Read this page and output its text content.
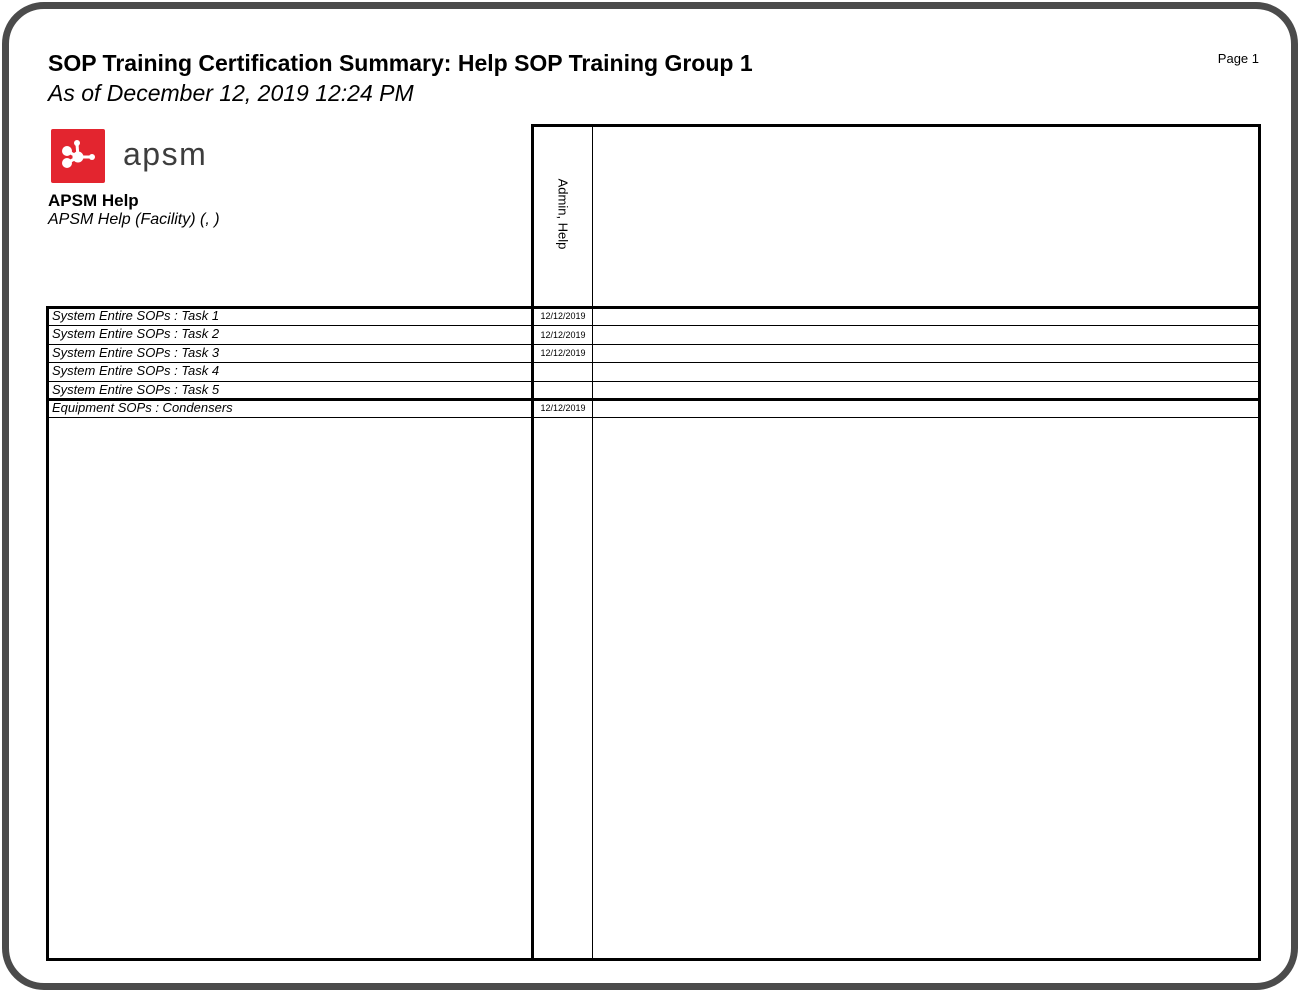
SOP Training Certification Summary: Help SOP Training Group 1
As of December 12, 2019 12:24 PM
Page 1
apsm
APSM Help
APSM Help (Facility) (, )	Admin, Help
System Entire SOPs : Task 1	12/12/2019
System Entire SOPs : Task 2	12/12/2019
System Entire SOPs : Task 3	12/12/2019
System Entire SOPs : Task 4
System Entire SOPs : Task 5
Equipment SOPs : Condensers	12/12/2019
